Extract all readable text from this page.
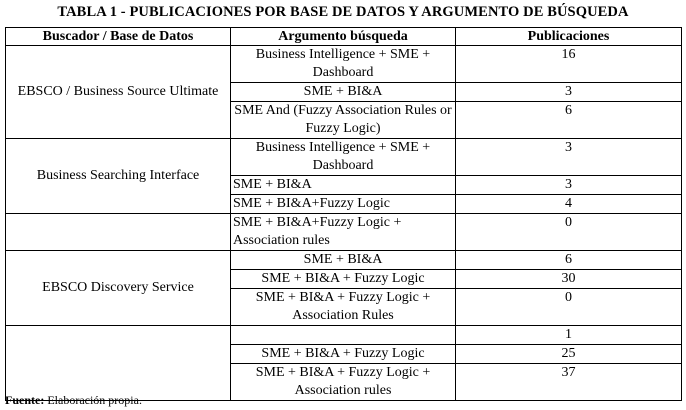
TABLA 1 - PUBLICACIONES POR BASE DE DATOS Y ARGUMENTO DE BÚSQUEDA
Buscador / Base de Datos	Argumento búsqueda	Publicaciones
EBSCO / Business Source Ultimate	Business Intelligence + SME + Dashboard	16
	SME + BI&A	3
	SME And (Fuzzy Association Rules or Fuzzy Logic)	6
Business Searching Interface	Business Intelligence + SME + Dashboard	3
	SME + BI&A	3
	SME + BI&A+Fuzzy Logic	4
	SME + BI&A+Fuzzy Logic + Association rules	0
EBSCO Discovery Service	SME + BI&A	6
	SME + BI&A + Fuzzy Logic	30
	SME + BI&A + Fuzzy Logic + Association Rules	0
		1
	SME + BI&A + Fuzzy Logic	25
	SME + BI&A + Fuzzy Logic + Association rules	37
Fuente: Elaboración propia.
